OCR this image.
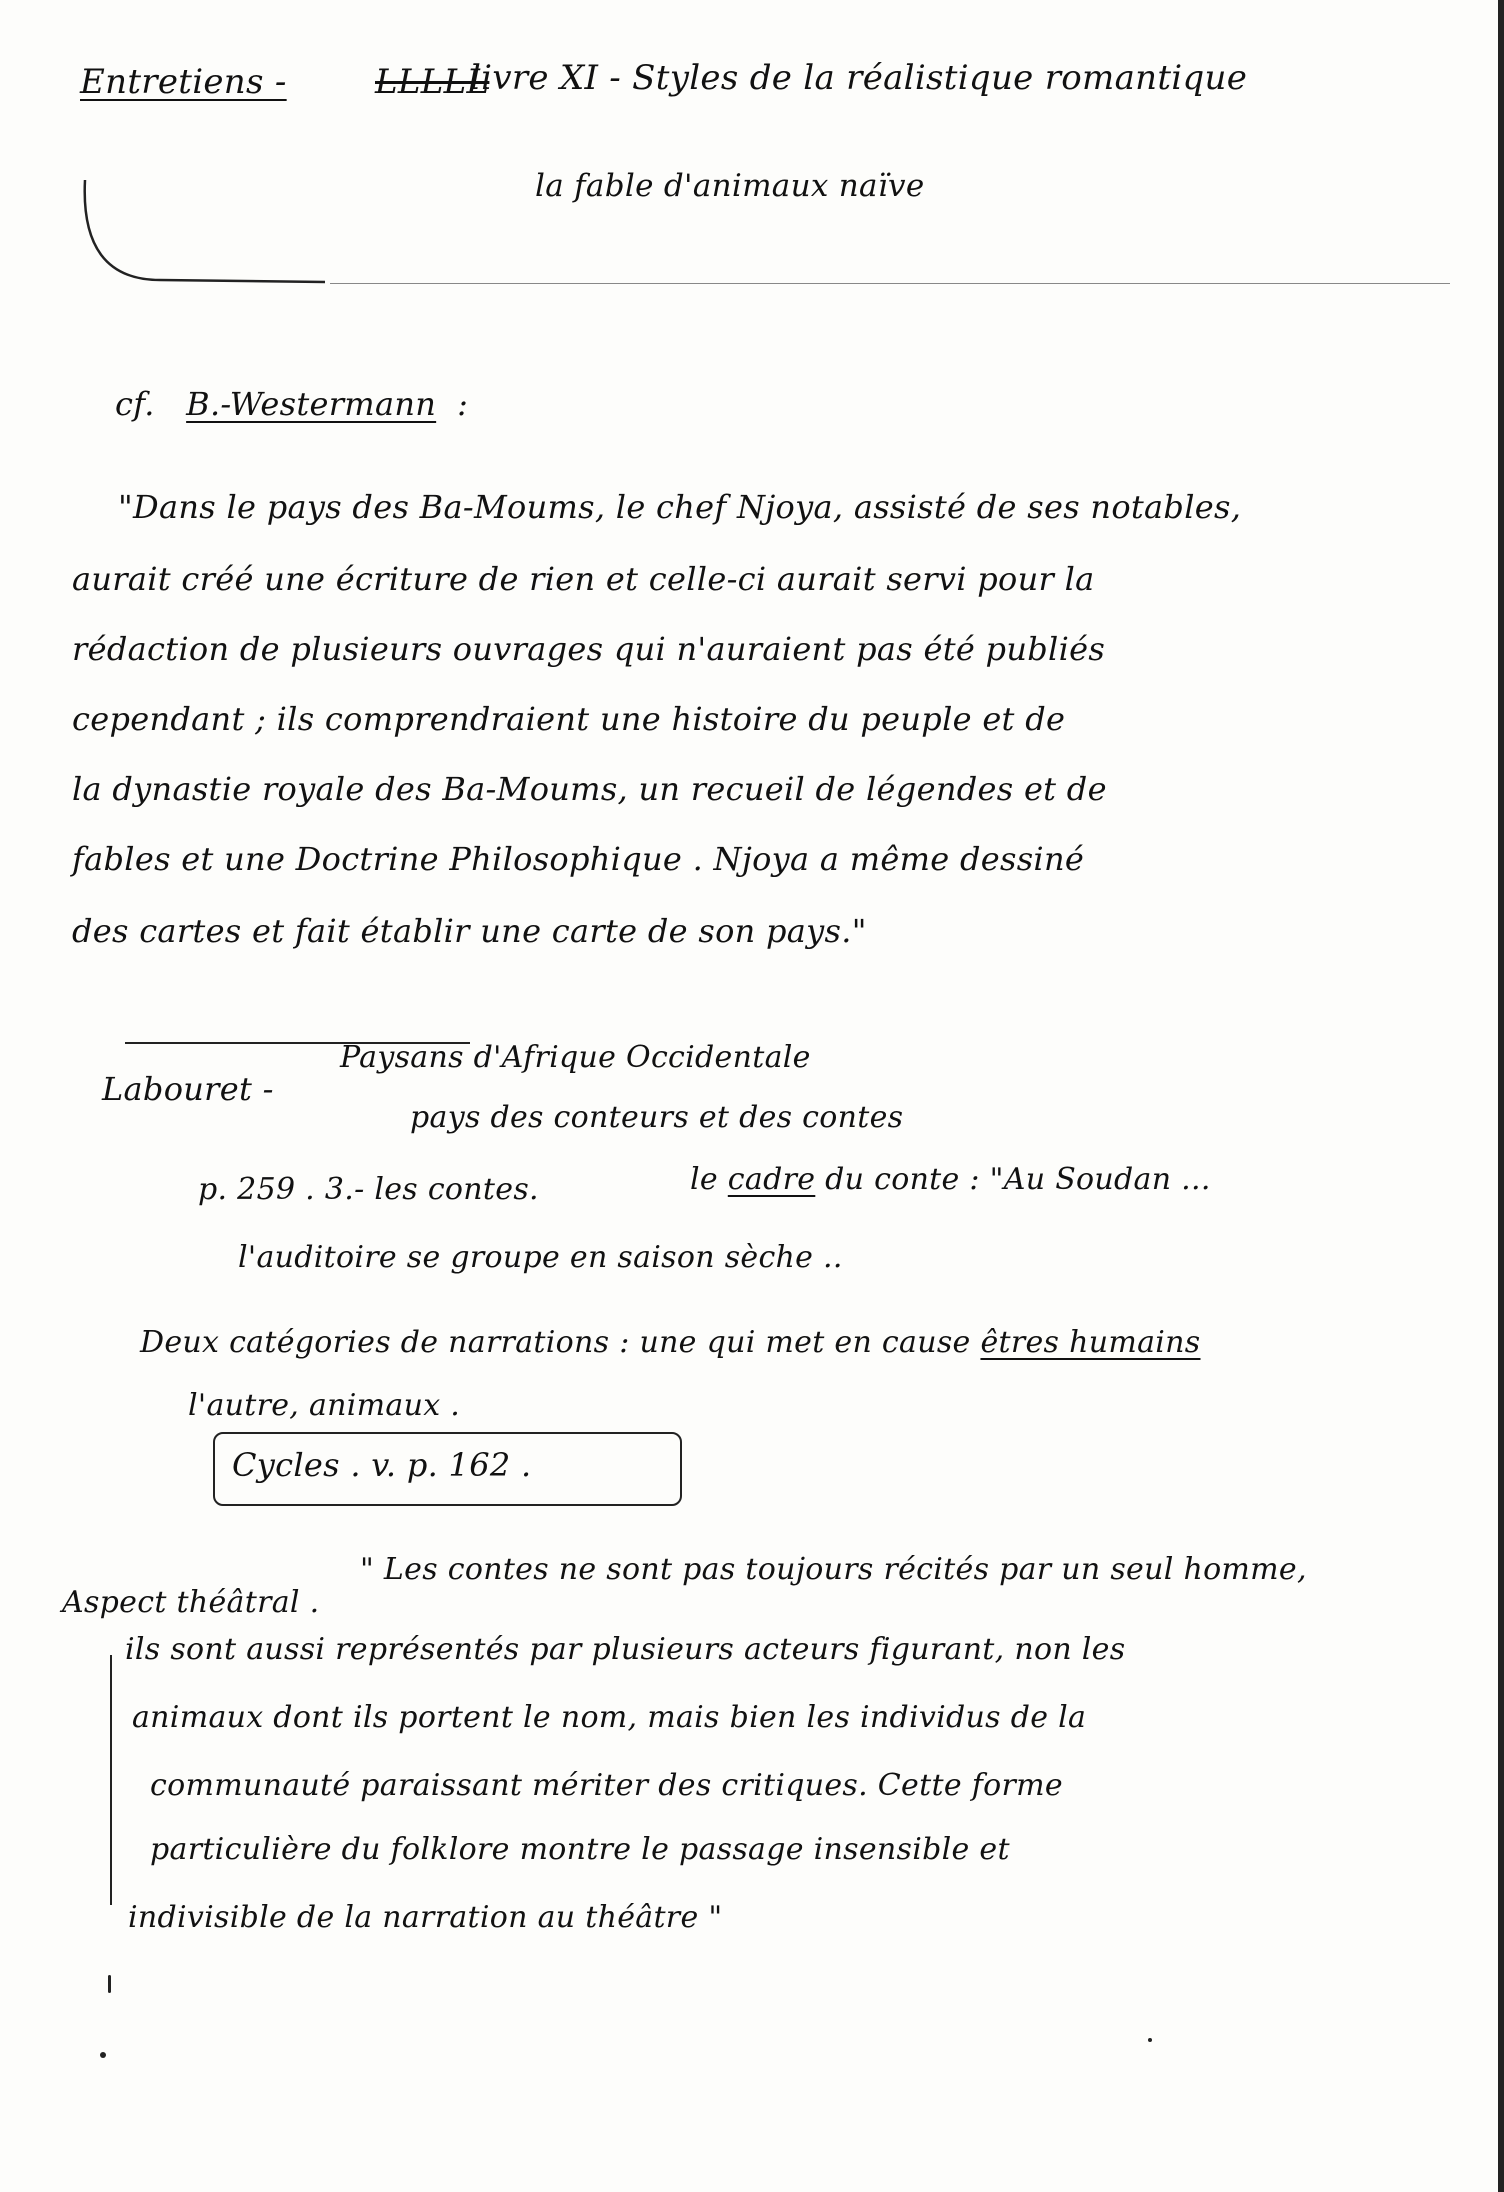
Entretiens -	LLLLL
livre XI - Styles de la réalistique romantique
la fable d'animaux naïve
cf. B.-Westermann :
"Dans le pays des Ba-Moums, le chef Njoya, assisté de ses notables,
aurait créé une écriture de rien et celle-ci aurait servi pour la
rédaction de plusieurs ouvrages qui n'auraient pas été publiés
cependant ; ils comprendraient une histoire du peuple et de
la dynastie royale des Ba-Moums, un recueil de légendes et de
fables et une Doctrine Philosophique . Njoya a même dessiné
des cartes et fait établir une carte de son pays."
Labouret -
Paysans d'Afrique Occidentale
pays des conteurs et des contes
p. 259 . 3.- les contes.	le cadre du conte : "Au Soudan ...
l'auditoire se groupe en saison sèche ..
Deux catégories de narrations : une qui met en cause êtres humains
l'autre, animaux .
Cycles . v. p. 162 .
Aspect théâtral .
" Les contes ne sont pas toujours récités par un seul homme,
ils sont aussi représentés par plusieurs acteurs figurant, non les
animaux dont ils portent le nom, mais bien les individus de la
communauté paraissant mériter des critiques. Cette forme
particulière du folklore montre le passage insensible et
indivisible de la narration au théâtre "
